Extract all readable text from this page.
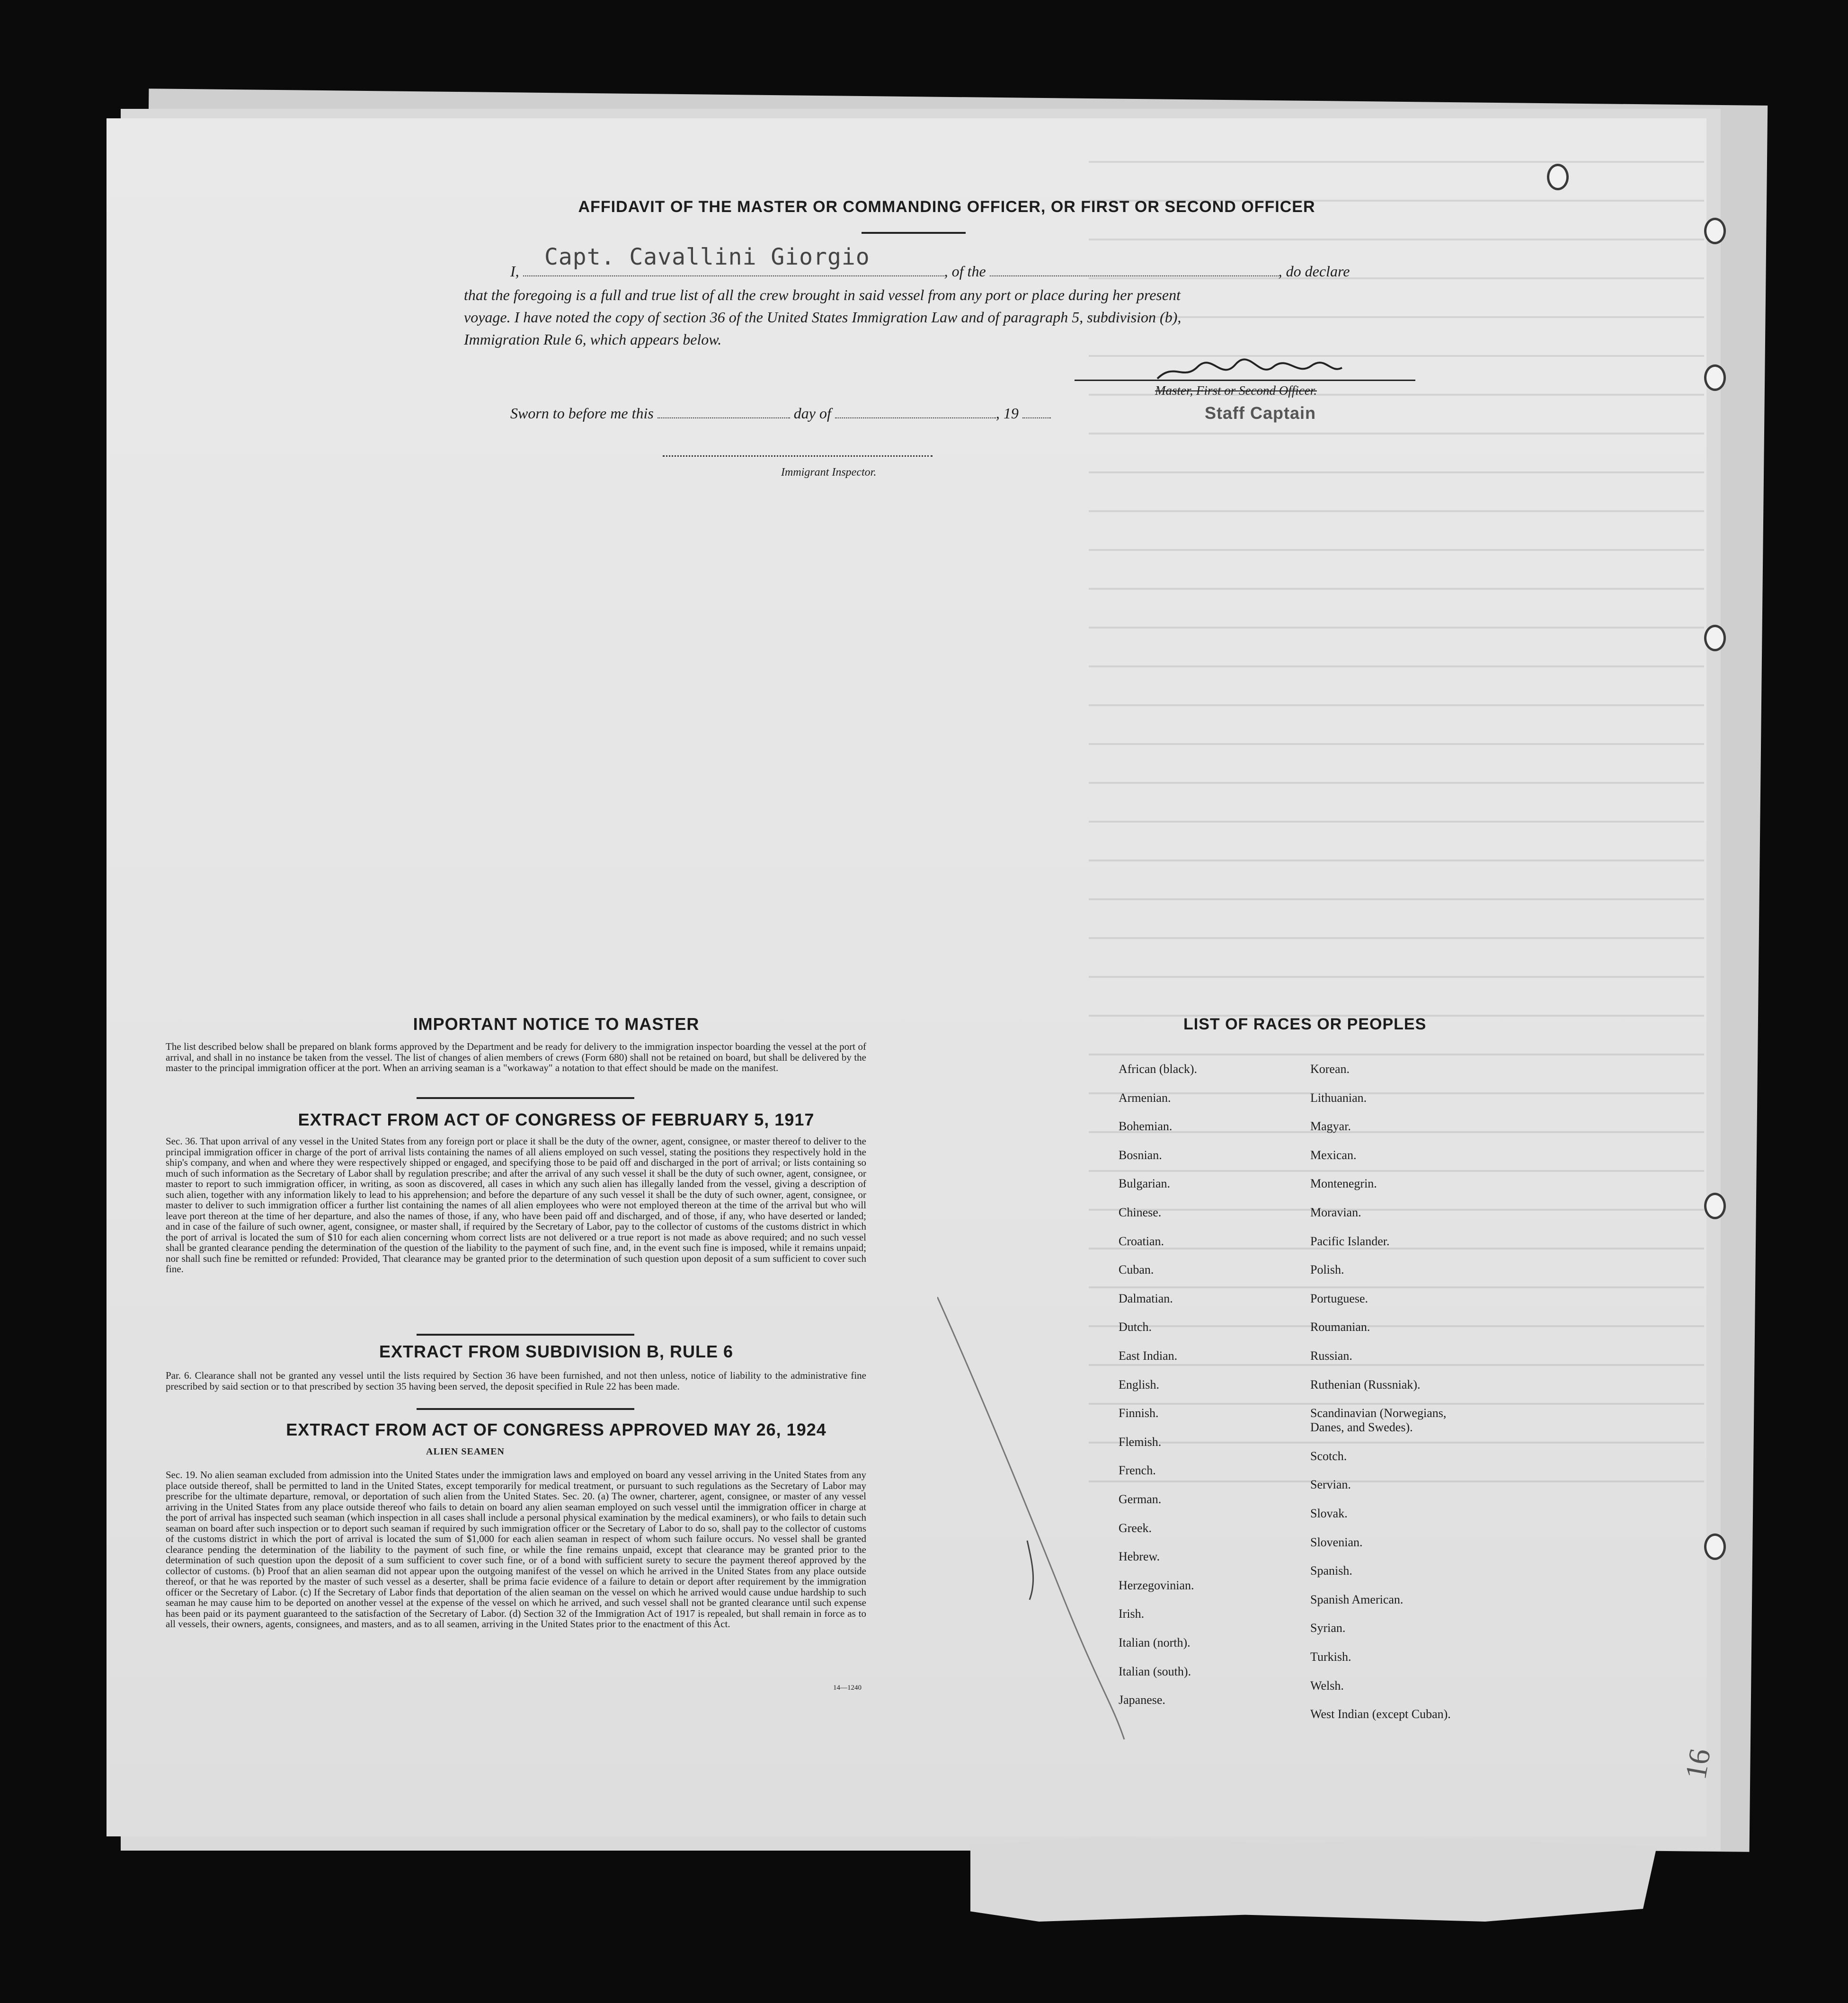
AFFIDAVIT OF THE MASTER OR COMMANDING OFFICER, OR FIRST OR SECOND OFFICER
I,	, of the	, do declare
Capt. Cavallini Giorgio
that the foregoing is a full and true list of all the crew brought in said vessel from any port or place during her present
voyage. I have noted the copy of section 36 of the United States Immigration Law and of paragraph 5, subdivision (b),
Immigration Rule 6, which appears below.
Master, First or Second Officer.
Staff Captain
Sworn to before me this	day of	, 19
Immigrant Inspector.
IMPORTANT NOTICE TO MASTER
The list described below shall be prepared on blank forms approved by the Department and be ready for delivery to the immigration inspector boarding the vessel at the port of arrival, and shall in no instance be taken from the vessel. The list of changes of alien members of crews (Form 680) shall not be retained on board, but shall be delivered by the master to the principal immigration officer at the port. When an arriving seaman is a "workaway" a notation to that effect should be made on the manifest.
EXTRACT FROM ACT OF CONGRESS OF FEBRUARY 5, 1917
Sec. 36. That upon arrival of any vessel in the United States from any foreign port or place it shall be the duty of the owner, agent, consignee, or master thereof to deliver to the principal immigration officer in charge of the port of arrival lists containing the names of all aliens employed on such vessel, stating the positions they respectively hold in the ship's company, and when and where they were respectively shipped or engaged, and specifying those to be paid off and discharged in the port of arrival; or lists containing so much of such information as the Secretary of Labor shall by regulation prescribe; and after the arrival of any such vessel it shall be the duty of such owner, agent, consignee, or master to report to such immigration officer, in writing, as soon as discovered, all cases in which any such alien has illegally landed from the vessel, giving a description of such alien, together with any information likely to lead to his apprehension; and before the departure of any such vessel it shall be the duty of such owner, agent, consignee, or master to deliver to such immigration officer a further list containing the names of all alien employees who were not employed thereon at the time of the arrival but who will leave port thereon at the time of her departure, and also the names of those, if any, who have been paid off and discharged, and of those, if any, who have deserted or landed; and in case of the failure of such owner, agent, consignee, or master shall, if required by the Secretary of Labor, pay to the collector of customs of the customs district in which the port of arrival is located the sum of $10 for each alien concerning whom correct lists are not delivered or a true report is not made as above required; and no such vessel shall be granted clearance pending the determination of the question of the liability to the payment of such fine, and, in the event such fine is imposed, while it remains unpaid; nor shall such fine be remitted or refunded: Provided, That clearance may be granted prior to the determination of such question upon deposit of a sum sufficient to cover such fine.
EXTRACT FROM SUBDIVISION B, RULE 6
Par. 6. Clearance shall not be granted any vessel until the lists required by Section 36 have been furnished, and not then unless, notice of liability to the administrative fine prescribed by said section or to that prescribed by section 35 having been served, the deposit specified in Rule 22 has been made.
EXTRACT FROM ACT OF CONGRESS APPROVED MAY 26, 1924
ALIEN SEAMEN
Sec. 19. No alien seaman excluded from admission into the United States under the immigration laws and employed on board any vessel arriving in the United States from any place outside thereof, shall be permitted to land in the United States, except temporarily for medical treatment, or pursuant to such regulations as the Secretary of Labor may prescribe for the ultimate departure, removal, or deportation of such alien from the United States. Sec. 20. (a) The owner, charterer, agent, consignee, or master of any vessel arriving in the United States from any place outside thereof who fails to detain on board any alien seaman employed on such vessel until the immigration officer in charge at the port of arrival has inspected such seaman (which inspection in all cases shall include a personal physical examination by the medical examiners), or who fails to detain such seaman on board after such inspection or to deport such seaman if required by such immigration officer or the Secretary of Labor to do so, shall pay to the collector of customs of the customs district in which the port of arrival is located the sum of $1,000 for each alien seaman in respect of whom such failure occurs. No vessel shall be granted clearance pending the determination of the liability to the payment of such fine, or while the fine remains unpaid, except that clearance may be granted prior to the determination of such question upon the deposit of a sum sufficient to cover such fine, or of a bond with sufficient surety to secure the payment thereof approved by the collector of customs. (b) Proof that an alien seaman did not appear upon the outgoing manifest of the vessel on which he arrived in the United States from any place outside thereof, or that he was reported by the master of such vessel as a deserter, shall be prima facie evidence of a failure to detain or deport after requirement by the immigration officer or the Secretary of Labor. (c) If the Secretary of Labor finds that deportation of the alien seaman on the vessel on which he arrived would cause undue hardship to such seaman he may cause him to be deported on another vessel at the expense of the vessel on which he arrived, and such vessel shall not be granted clearance until such expense has been paid or its payment guaranteed to the satisfaction of the Secretary of Labor. (d) Section 32 of the Immigration Act of 1917 is repealed, but shall remain in force as to all vessels, their owners, agents, consignees, and masters, and as to all seamen, arriving in the United States prior to the enactment of this Act.
14—1240
LIST OF RACES OR PEOPLES
African (black).
Armenian.
Bohemian.
Bosnian.
Bulgarian.
Chinese.
Croatian.
Cuban.
Dalmatian.
Dutch.
East Indian.
English.
Finnish.
Flemish.
French.
German.
Greek.
Hebrew.
Herzegovinian.
Irish.
Italian (north).
Italian (south).
Japanese.
Korean.
Lithuanian.
Magyar.
Mexican.
Montenegrin.
Moravian.
Pacific Islander.
Polish.
Portuguese.
Roumanian.
Russian.
Ruthenian (Russniak).
Scandinavian (Norwegians,
Danes, and Swedes).
Scotch.
Servian.
Slovak.
Slovenian.
Spanish.
Spanish American.
Syrian.
Turkish.
Welsh.
West Indian (except Cuban).
16
